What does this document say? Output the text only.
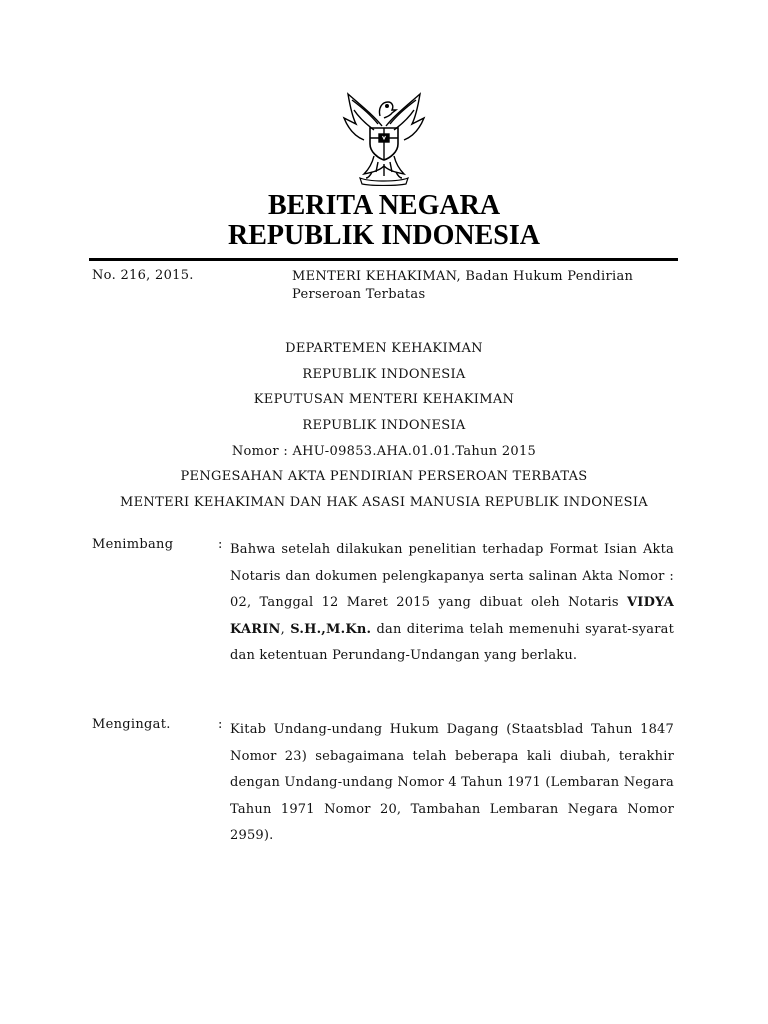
BERITA NEGARA
REPUBLIK INDONESIA
No. 216, 2015.	MENTERI KEHAKIMAN, Badan Hukum Pendirian Perseroan Terbatas
DEPARTEMEN KEHAKIMAN
REPUBLIK INDONESIA
KEPUTUSAN MENTERI KEHAKIMAN
REPUBLIK INDONESIA
Nomor : AHU-09853.AHA.01.01.Tahun 2015
PENGESAHAN AKTA PENDIRIAN PERSEROAN TERBATAS
MENTERI KEHAKIMAN DAN HAK ASASI MANUSIA REPUBLIK INDONESIA
Menimbang	: Bahwa setelah dilakukan penelitian terhadap Format Isian Akta Notaris dan dokumen pelengkapanya serta salinan Akta Nomor : 02, Tanggal 12 Maret 2015 yang dibuat oleh Notaris VIDYA KARIN, S.H.,M.Kn. dan diterima telah memenuhi syarat-syarat dan ketentuan Perundang-Undangan yang berlaku.
Mengingat.	: Kitab Undang-undang Hukum Dagang (Staatsblad Tahun 1847 Nomor 23) sebagaimana telah beberapa kali diubah, terakhir dengan Undang-undang Nomor 4 Tahun 1971 (Lembaran Negara Tahun 1971 Nomor 20, Tambahan Lembaran Negara Nomor 2959).
